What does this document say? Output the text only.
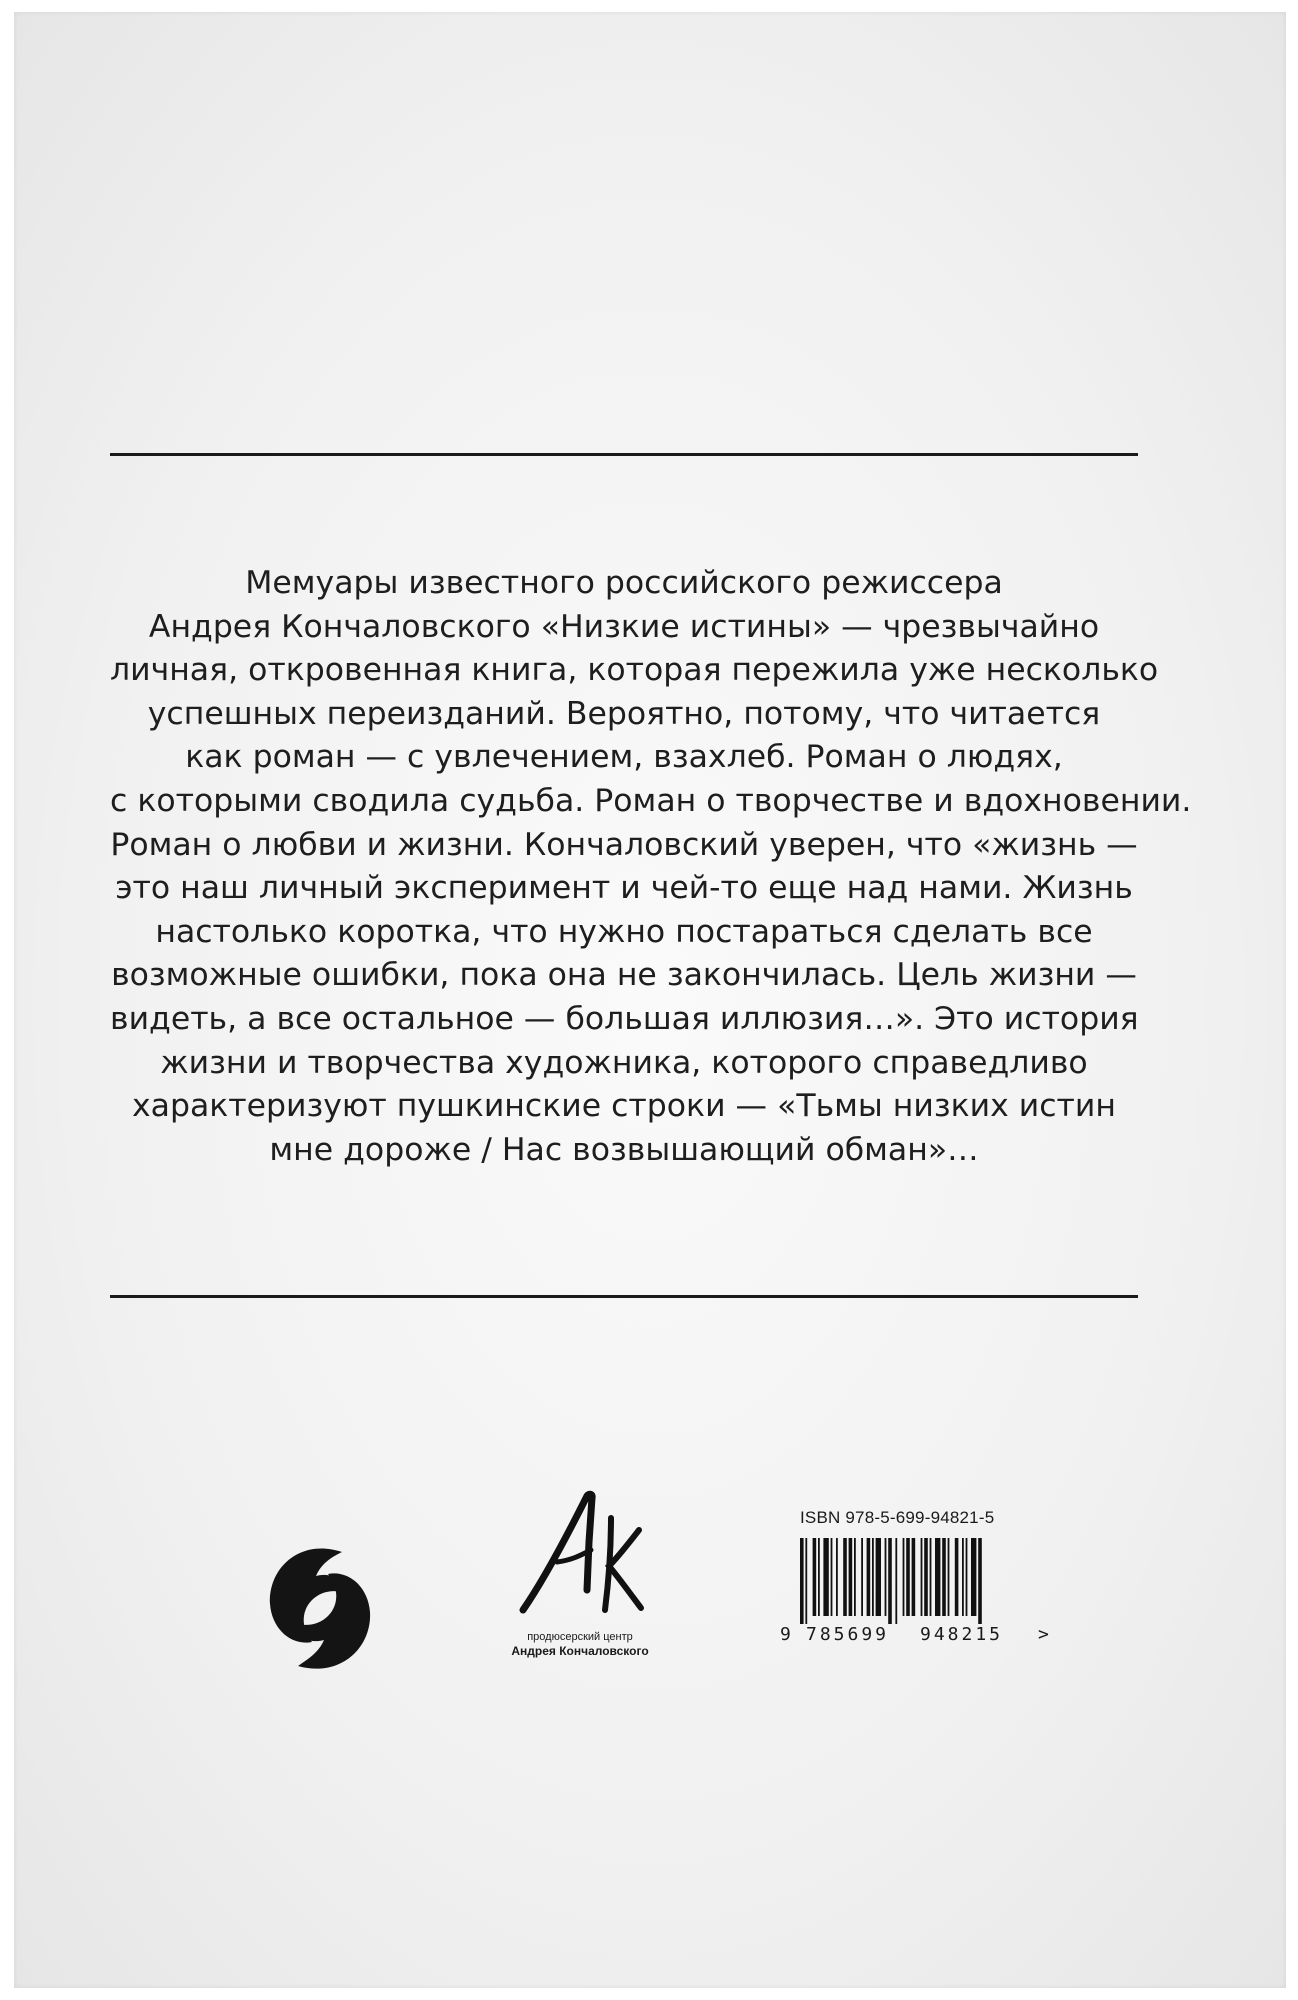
Мемуары известного российского режиссера
Андрея Кончаловского «Низкие истины» — чрезвычайно
личная, откровенная книга, которая пережила уже несколько
успешных переизданий. Вероятно, потому, что читается
как роман — с увлечением, взахлеб. Роман о людях,
с которыми сводила судьба. Роман о творчестве и вдохновении.
Роман о любви и жизни. Кончаловский уверен, что «жизнь —
это наш личный эксперимент и чей-то еще над нами. Жизнь
настолько коротка, что нужно постараться сделать все
возможные ошибки, пока она не закончилась. Цель жизни —
видеть, а все остальное — большая иллюзия…». Это история
жизни и творчества художника, которого справедливо
характеризуют пушкинские строки — «Тьмы низких истин
мне дороже / Нас возвышающий обман»…
продюсерский центр
Андрея Кончаловского
ISBN 978-5-699-94821-5
9 785699 948215 >
